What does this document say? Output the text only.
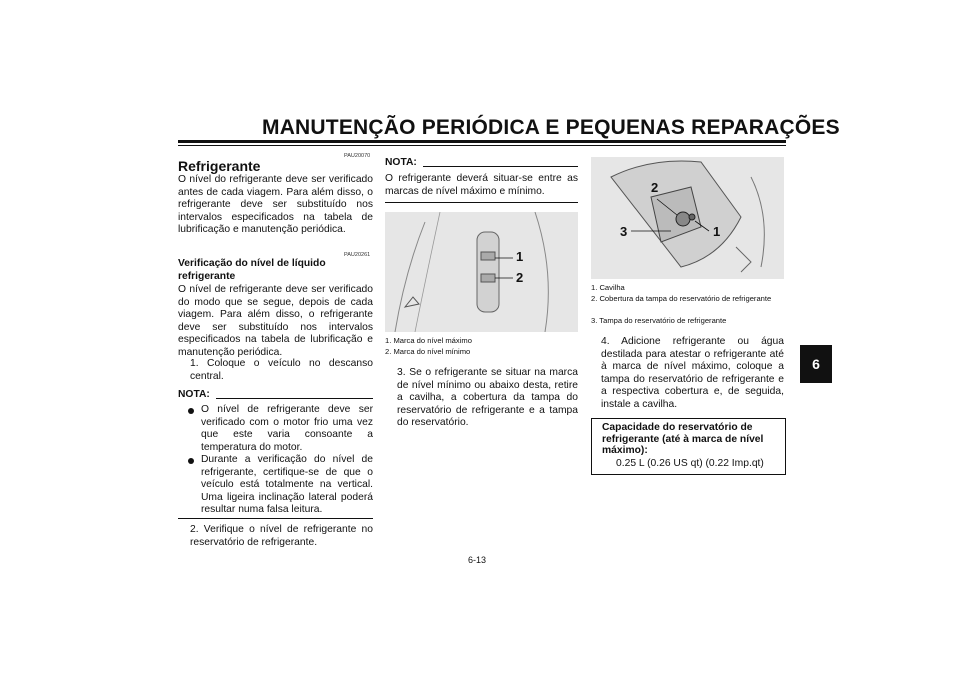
MANUTENÇÃO PERIÓDICA E PEQUENAS REPARAÇÕES
6
PAU20070
Refrigerante
O nível do refrigerante deve ser verificado antes de cada viagem. Para além disso, o refrigerante deve ser substituído nos intervalos especificados na tabela de lubrificação e manutenção periódica.
PAU20261
Verificação do nível de líquido refrigerante
O nível de refrigerante deve ser verificado do modo que se segue, depois de cada viagem. Para além disso, o refrigerante deve ser substituído nos intervalos especificados na tabela de lubrificação e manutenção periódica.
1. Coloque o veículo no descanso central.
NOTA:
O nível de refrigerante deve ser verificado com o motor frio uma vez que este varia consoante a temperatura do motor.
Durante a verificação do nível de refrigerante, certifique-se de que o veículo está totalmente na vertical. Uma ligeira inclinação lateral poderá resultar numa falsa leitura.
2. Verifique o nível de refrigerante no reservatório de refrigerante.
NOTA:
O refrigerante deverá situar-se entre as marcas de nível máximo e mínimo.
1
2
1. Marca do nível máximo
2. Marca do nível mínimo
3. Se o refrigerante se situar na marca de nível mínimo ou abaixo desta, retire a cavilha, a cobertura da tampa do reservatório de refrigerante e a tampa do reservatório.
2
3	1
1. Cavilha
2. Cobertura da tampa do reservatório de refrigerante
3. Tampa do reservatório de refrigerante
4. Adicione refrigerante ou água destilada para atestar o refrigerante até à marca de nível máximo, coloque a tampa do reservatório de refrigerante e a respectiva cobertura e, de seguida, instale a cavilha.
Capacidade do reservatório de refrigerante (até à marca de nível máximo):
0.25 L (0.26 US qt) (0.22 Imp.qt)
6-13
